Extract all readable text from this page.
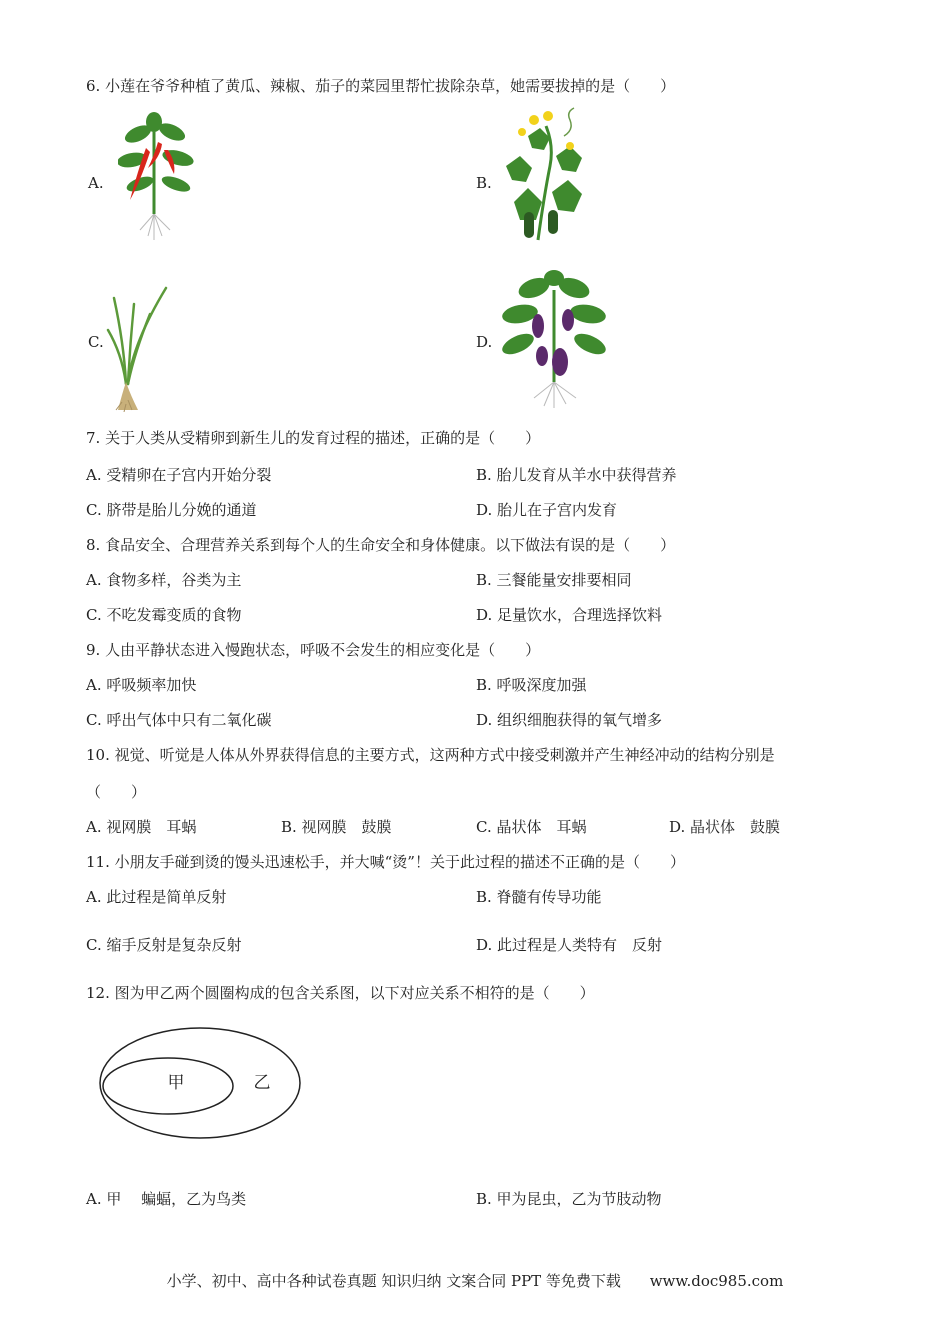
6. 小莲在爷爷种植了黄瓜、辣椒、茄子的菜园里帮忙拔除杂草，她需要拔掉的是（　　）
A.	B.
C.	D.
7. 关于人类从受精卵到新生儿的发育过程的描述，正确的是（　　）
A. 受精卵在子宫内开始分裂	B. 胎儿发育从羊水中获得营养
C. 脐带是胎儿分娩的通道	D. 胎儿在子宫内发育
8. 食品安全、合理营养关系到每个人的生命安全和身体健康。以下做法有误的是（　　）
A. 食物多样，谷类为主	B. 三餐能量安排要相同
C. 不吃发霉变质的食物	D. 足量饮水，合理选择饮料
9. 人由平静状态进入慢跑状态，呼吸不会发生的相应变化是（　　）
A. 呼吸频率加快	B. 呼吸深度加强
C. 呼出气体中只有二氧化碳	D. 组织细胞获得的氧气增多
10. 视觉、听觉是人体从外界获得信息的主要方式，这两种方式中接受刺激并产生神经冲动的结构分别是
（　　）
A. 视网膜　耳蜗	B. 视网膜　鼓膜	C. 晶状体　耳蜗	D. 晶状体　鼓膜
11. 小朋友手碰到烫的馒头迅速松手，并大喊“烫”！关于此过程的描述不正确的是（　　）
A. 此过程是简单反射	B. 脊髓有传导功能
C. 缩手反射是复杂反射	D. 此过程是人类特有　反射
12. 图为甲乙两个圆圈构成的包含关系图，以下对应关系不相符的是（　　）
甲	乙
A. 甲　 蝙蝠，乙为鸟类	B. 甲为昆虫，乙为节肢动物
小学、初中、高中各种试卷真题 知识归纳 文案合同 PPT 等免费下载 www.doc985.com
